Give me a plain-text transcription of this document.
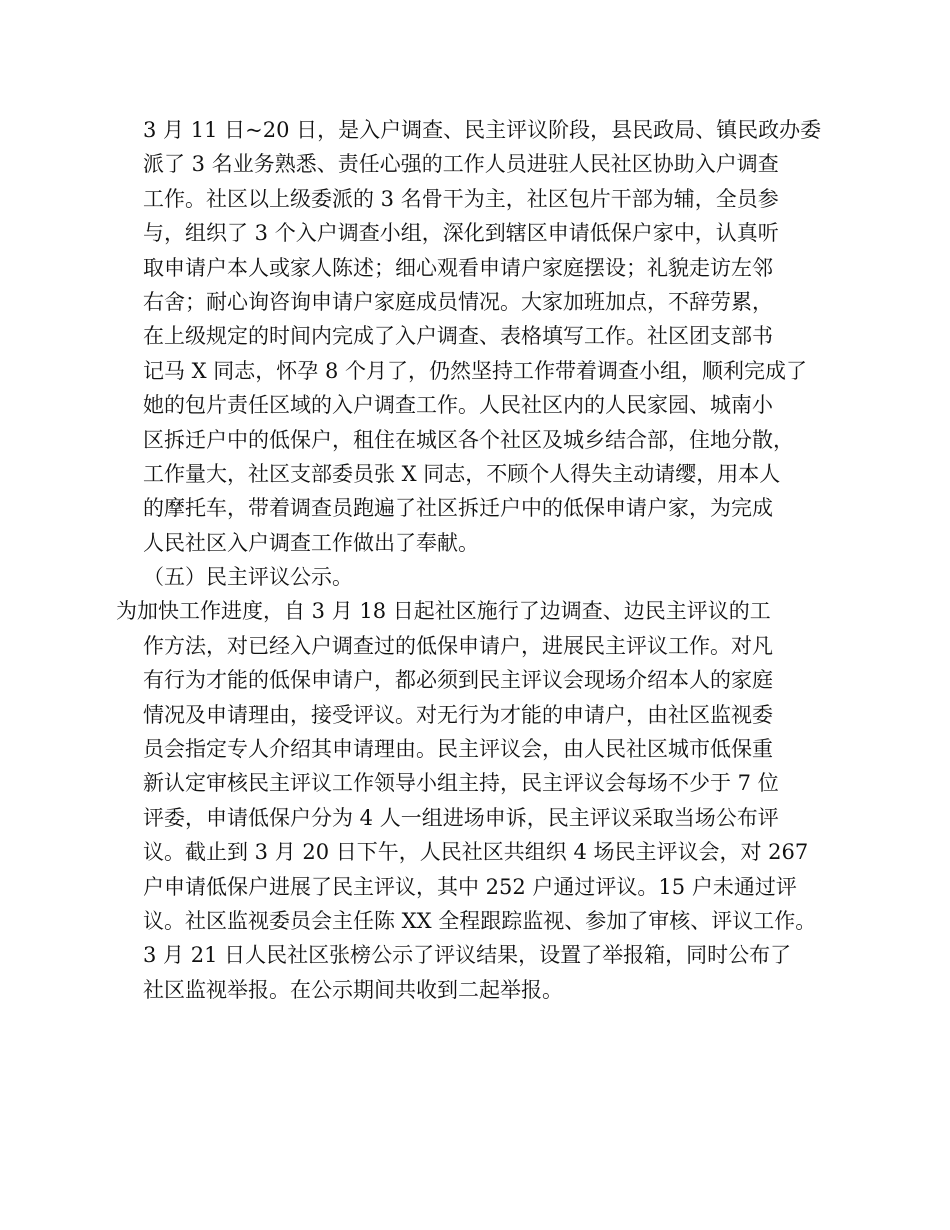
3 月 11 日~20 日，是入户调查、民主评议阶段，县民政局、镇民政办委
派了 3 名业务熟悉、责任心强的工作人员进驻人民社区协助入户调查
工作。社区以上级委派的 3 名骨干为主，社区包片干部为辅，全员参
与，组织了 3 个入户调查小组，深化到辖区申请低保户家中，认真听
取申请户本人或家人陈述；细心观看申请户家庭摆设；礼貌走访左邻
右舍；耐心询咨询申请户家庭成员情况。大家加班加点，不辞劳累，
在上级规定的时间内完成了入户调查、表格填写工作。社区团支部书
记马 X 同志，怀孕 8 个月了，仍然坚持工作带着调查小组，顺利完成了
她的包片责任区域的入户调查工作。人民社区内的人民家园、城南小
区拆迁户中的低保户，租住在城区各个社区及城乡结合部，住地分散，
工作量大，社区支部委员张 X 同志，不顾个人得失主动请缨，用本人
的摩托车，带着调查员跑遍了社区拆迁户中的低保申请户家，为完成
人民社区入户调查工作做出了奉献。
（五）民主评议公示。
为加快工作进度，自 3 月 18 日起社区施行了边调查、边民主评议的工
作方法，对已经入户调查过的低保申请户，进展民主评议工作。对凡
有行为才能的低保申请户，都必须到民主评议会现场介绍本人的家庭
情况及申请理由，接受评议。对无行为才能的申请户，由社区监视委
员会指定专人介绍其申请理由。民主评议会，由人民社区城市低保重
新认定审核民主评议工作领导小组主持，民主评议会每场不少于 7 位
评委，申请低保户分为 4 人一组进场申诉，民主评议采取当场公布评
议。截止到 3 月 20 日下午，人民社区共组织 4 场民主评议会，对 267
户申请低保户进展了民主评议，其中 252 户通过评议。15 户未通过评
议。社区监视委员会主任陈 XX 全程跟踪监视、参加了审核、评议工作。
3 月 21 日人民社区张榜公示了评议结果，设置了举报箱，同时公布了
社区监视举报。在公示期间共收到二起举报。
